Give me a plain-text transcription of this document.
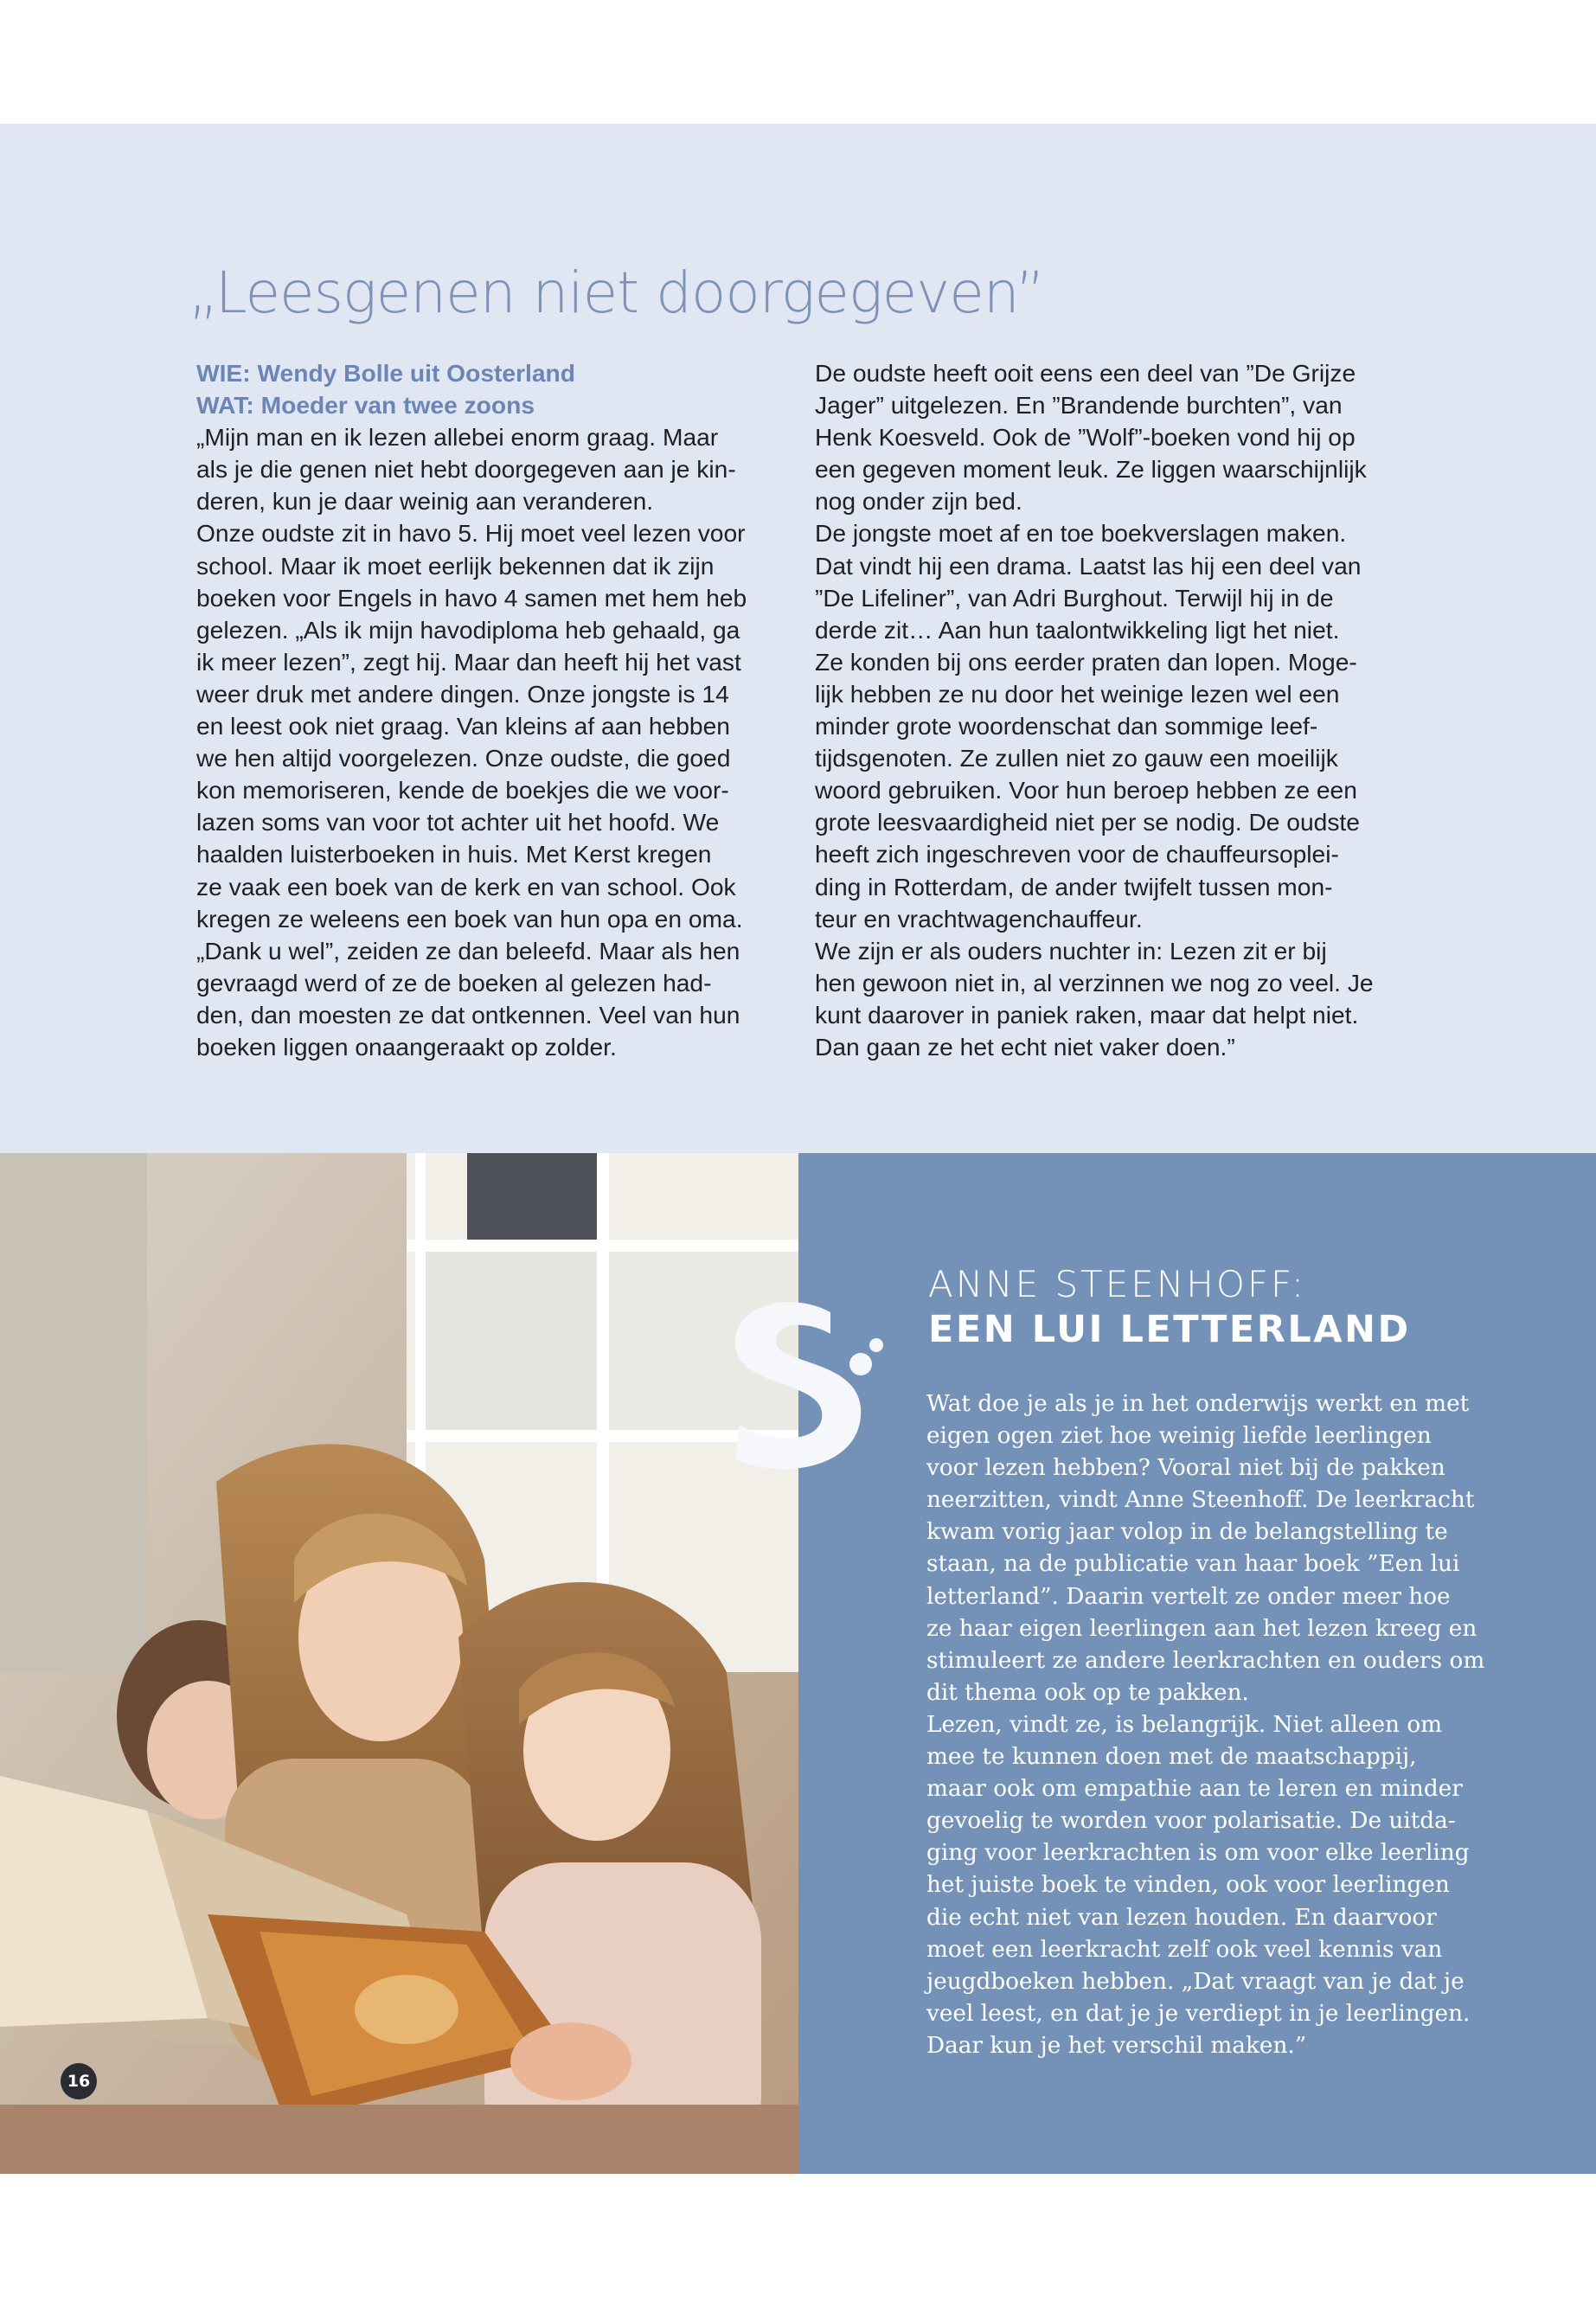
„Leesgenen niet doorgegeven”
WIE: Wendy Bolle uit Oosterland
WAT: Moeder van twee zoons
„Mijn man en ik lezen allebei enorm graag. Maar
als je die genen niet hebt doorgegeven aan je kin-
deren, kun je daar weinig aan veranderen.
Onze oudste zit in havo 5. Hij moet veel lezen voor
school. Maar ik moet eerlijk bekennen dat ik zijn
boeken voor Engels in havo 4 samen met hem heb
gelezen. „Als ik mijn havodiploma heb gehaald, ga
ik meer lezen”, zegt hij. Maar dan heeft hij het vast
weer druk met andere dingen. Onze jongste is 14
en leest ook niet graag. Van kleins af aan hebben
we hen altijd voorgelezen. Onze oudste, die goed
kon memoriseren, kende de boekjes die we voor-
lazen soms van voor tot achter uit het hoofd. We
haalden luisterboeken in huis. Met Kerst kregen
ze vaak een boek van de kerk en van school. Ook
kregen ze weleens een boek van hun opa en oma.
„Dank u wel”, zeiden ze dan beleefd. Maar als hen
gevraagd werd of ze de boeken al gelezen had-
den, dan moesten ze dat ontkennen. Veel van hun
boeken liggen onaangeraakt op zolder.
De oudste heeft ooit eens een deel van ”De Grijze
Jager” uitgelezen. En ”Brandende burchten”, van
Henk Koesveld. Ook de ”Wolf”-boeken vond hij op
een gegeven moment leuk. Ze liggen waarschijnlijk
nog onder zijn bed.
De jongste moet af en toe boekverslagen maken.
Dat vindt hij een drama. Laatst las hij een deel van
”De Lifeliner”, van Adri Burghout. Terwijl hij in de
derde zit… Aan hun taalontwikkeling ligt het niet.
Ze konden bij ons eerder praten dan lopen. Moge-
lijk hebben ze nu door het weinige lezen wel een
minder grote woordenschat dan sommige leef-
tijdsgenoten. Ze zullen niet zo gauw een moeilijk
woord gebruiken. Voor hun beroep hebben ze een
grote leesvaardigheid niet per se nodig. De oudste
heeft zich ingeschreven voor de chauffeursoplei-
ding in Rotterdam, de ander twijfelt tussen mon-
teur en vrachtwagenchauffeur.
We zijn er als ouders nuchter in: Lezen zit er bij
hen gewoon niet in, al verzinnen we nog zo veel. Je
kunt daarover in paniek raken, maar dat helpt niet.
Dan gaan ze het echt niet vaker doen.”
ANNE STEENHOFF:
EEN LUI LETTERLAND
Wat doe je als je in het onderwijs werkt en met
eigen ogen ziet hoe weinig liefde leerlingen
voor lezen hebben? Vooral niet bij de pakken
neerzitten, vindt Anne Steenhoff. De leerkracht
kwam vorig jaar volop in de belangstelling te
staan, na de publicatie van haar boek ”Een lui
letterland”. Daarin vertelt ze onder meer hoe
ze haar eigen leerlingen aan het lezen kreeg en
stimuleert ze andere leerkrachten en ouders om
dit thema ook op te pakken.
Lezen, vindt ze, is belangrijk. Niet alleen om
mee te kunnen doen met de maatschappij,
maar ook om empathie aan te leren en minder
gevoelig te worden voor polarisatie. De uitda-
ging voor leerkrachten is om voor elke leerling
het juiste boek te vinden, ook voor leerlingen
die echt niet van lezen houden. En daarvoor
moet een leerkracht zelf ook veel kennis van
jeugdboeken hebben. „Dat vraagt van je dat je
veel leest, en dat je je verdiept in je leerlingen.
Daar kun je het verschil maken.”
16
